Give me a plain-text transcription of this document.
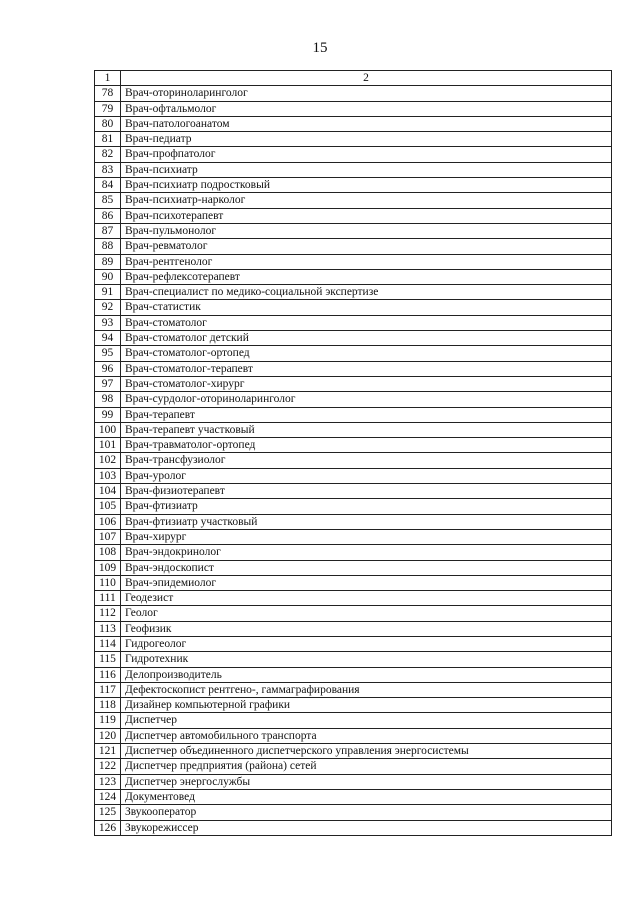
15
1	2
78	Врач-оториноларинголог
79	Врач-офтальмолог
80	Врач-патологоанатом
81	Врач-педиатр
82	Врач-профпатолог
83	Врач-психиатр
84	Врач-психиатр подростковый
85	Врач-психиатр-нарколог
86	Врач-психотерапевт
87	Врач-пульмонолог
88	Врач-ревматолог
89	Врач-рентгенолог
90	Врач-рефлексотерапевт
91	Врач-специалист по медико-социальной экспертизе
92	Врач-статистик
93	Врач-стоматолог
94	Врач-стоматолог детский
95	Врач-стоматолог-ортопед
96	Врач-стоматолог-терапевт
97	Врач-стоматолог-хирург
98	Врач-сурдолог-оториноларинголог
99	Врач-терапевт
100	Врач-терапевт участковый
101	Врач-травматолог-ортопед
102	Врач-трансфузиолог
103	Врач-уролог
104	Врач-физиотерапевт
105	Врач-фтизиатр
106	Врач-фтизиатр участковый
107	Врач-хирург
108	Врач-эндокринолог
109	Врач-эндоскопист
110	Врач-эпидемиолог
111	Геодезист
112	Геолог
113	Геофизик
114	Гидрогеолог
115	Гидротехник
116	Делопроизводитель
117	Дефектоскопист рентгено-, гаммаграфирования
118	Дизайнер компьютерной графики
119	Диспетчер
120	Диспетчер автомобильного транспорта
121	Диспетчер объединенного диспетчерского управления энергосистемы
122	Диспетчер предприятия (района) сетей
123	Диспетчер энергослужбы
124	Документовед
125	Звукооператор
126	Звукорежиссер
